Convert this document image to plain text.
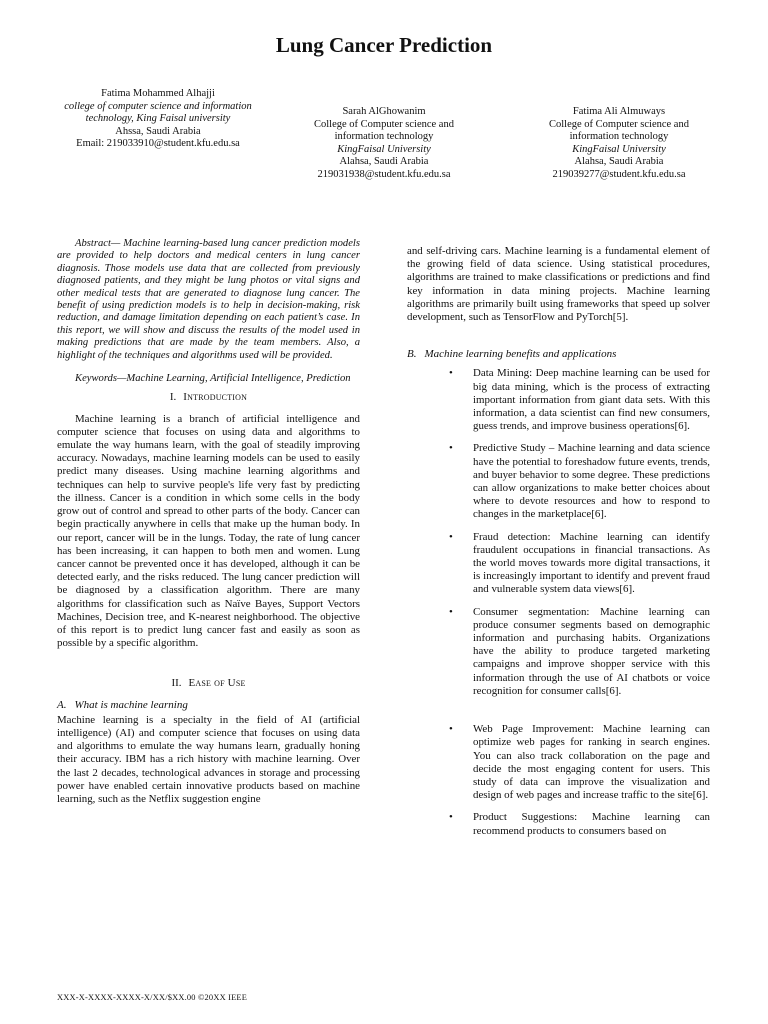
Lung Cancer Prediction
Fatima Mohammed Alhajji
college of computer science and information technology, King Faisal university
Ahssa, Saudi Arabia
Email: 219033910@student.kfu.edu.sa
Sarah AlGhowanim
College of Computer science and information technology
KingFaisal University
Alahsa, Saudi Arabia
219031938@student.kfu.edu.sa
Fatima Ali Almuways
College of Computer science and information technology
KingFaisal University
Alahsa, Saudi Arabia
219039277@student.kfu.edu.sa

Abstract— Machine learning-based lung cancer prediction models are provided to help doctors and medical centers in lung cancer diagnosis. Those models use data that are collected from previously diagnosed patients, and they might be lung photos or vital signs and other medical tests that are generated to diagnose lung cancer. The benefit of using prediction models is to help in decision-making, risk reduction, and damage limitation depending on each patient’s case. In this report, we will show and discuss the results of the model used in making predictions that are made by the team members. Also, a highlight of the techniques and algorithms used will be provided.

Keywords—Machine Learning, Artificial Intelligence, Prediction

I. Introduction

Machine learning is a branch of artificial intelligence and computer science that focuses on using data and algorithms to emulate the way humans learn, with the goal of steadily improving accuracy. Nowadays, machine learning models can be used to easily predict many diseases. Using machine learning algorithms and techniques can help to survive people's life very fast by predicting the illness. Cancer is a condition in which some cells in the body grow out of control and spread to other parts of the body. Cancer can begin practically anywhere in cells that make up the human body. In our report, cancer will be in the lungs. Today, the rate of lung cancer has been increasing, it can happen to both men and women. Lung cancer cannot be prevented once it has developed, although it can be detected early, and the risks reduced. The lung cancer prediction will be diagnosed by a classification algorithm. There are many algorithms for classification such as Naïve Bayes, Support Vectors Machines, Decision tree, and K-nearest neighborhood. The objective of this report is to predict lung cancer fast and easily as soon as possible by a specific algorithm.

II. Ease of Use
A. What is machine learning

Machine learning is a specialty in the field of AI (artificial intelligence) (AI) and computer science that focuses on using data and algorithms to emulate the way humans learn, gradually honing their accuracy. IBM has a rich history with machine learning. Over the last 2 decades, technological advances in storage and processing power have enabled certain innovative products based on machine learning, such as the Netflix suggestion engine

and self-driving cars. Machine learning is a fundamental element of the growing field of data science. Using statistical procedures, algorithms are trained to make classifications or predictions and find key information in data mining projects. Machine learning algorithms are primarily built using frameworks that speed up solver development, such as TensorFlow and PyTorch[5].

B. Machine learning benefits and applications
• Data Mining: Deep machine learning can be used for big data mining, which is the process of extracting important information from giant data sets. With this information, a data scientist can find new consumers, guess trends, and improve business operations[6].
• Predictive Study – Machine learning and data science have the potential to foreshadow future events, trends, and buyer behavior to some degree. These predictions can allow organizations to make better choices about where to devote resources and how to respond to changes in the marketplace[6].
• Fraud detection: Machine learning can identify fraudulent occupations in financial transactions. As the world moves towards more digital transactions, it is increasingly important to identify and prevent fraud and vulnerable system data views[6].
• Consumer segmentation: Machine learning can produce consumer segments based on demographic information and purchasing habits. Organizations have the ability to produce targeted marketing campaigns and improve shopper service with this information through the use of AI chatbots or voice recognition for consumer calls[6].
• Web Page Improvement: Machine learning can optimize web pages for ranking in search engines. You can also track collaboration on the page and decide the most engaging content for users. This study of data can improve the visualization and design of web pages and increase traffic to the site[6].
• Product Suggestions: Machine learning can recommend products to consumers based on
XXX-X-XXXX-XXXX-X/XX/$XX.00 ©20XX IEEE
